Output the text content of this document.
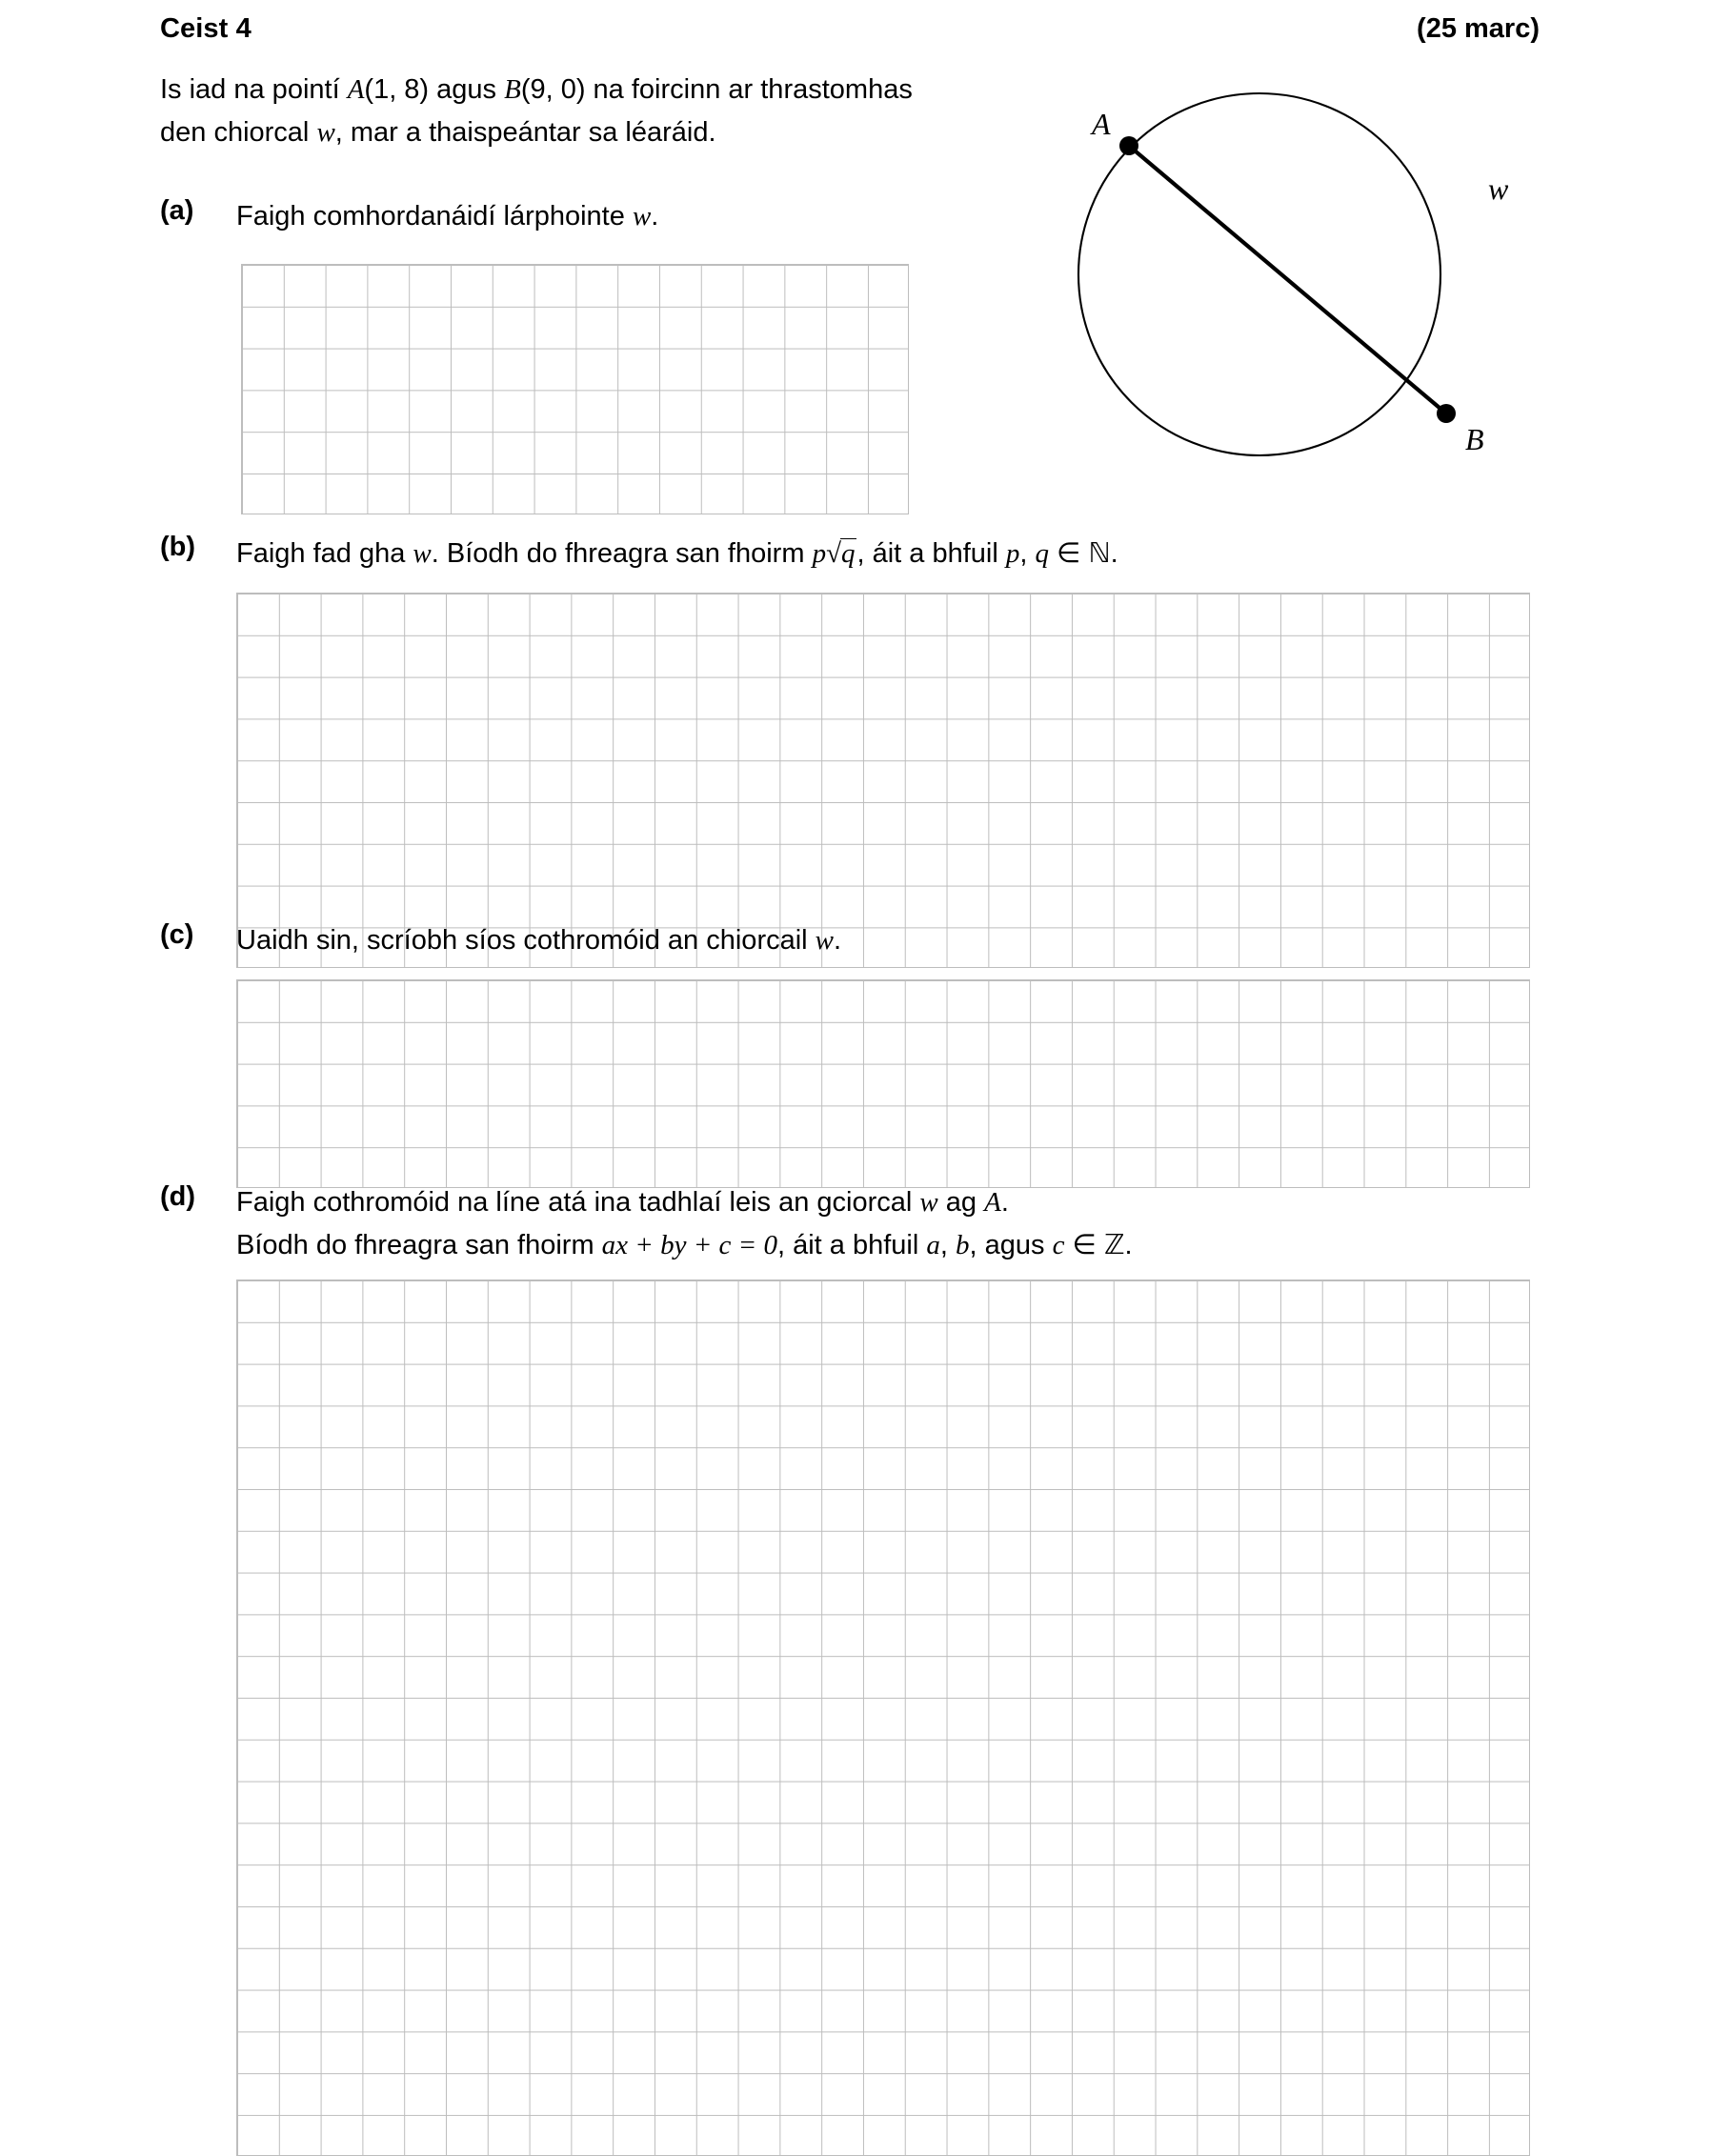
Ceist 4	(25 marc)
Is iad na pointí A(1, 8) agus B(9, 0) na foircinn ar thrastomhas
den chiorcal w, mar a thaispeántar sa léaráid.	A
B
w
(a) Faigh comhordanáidí lárphointe w.
(b) Faigh fad gha w. Bíodh do fhreagra san fhoirm p√q, áit a bhfuil p, q ∈ ℕ.
(c) Uaidh sin, scríobh síos cothromóid an chiorcail w.
(d) Faigh cothromóid na líne atá ina tadhlaí leis an gciorcal w ag A.
Bíodh do fhreagra san fhoirm ax + by + c = 0, áit a bhfuil a, b, agus c ∈ ℤ.
